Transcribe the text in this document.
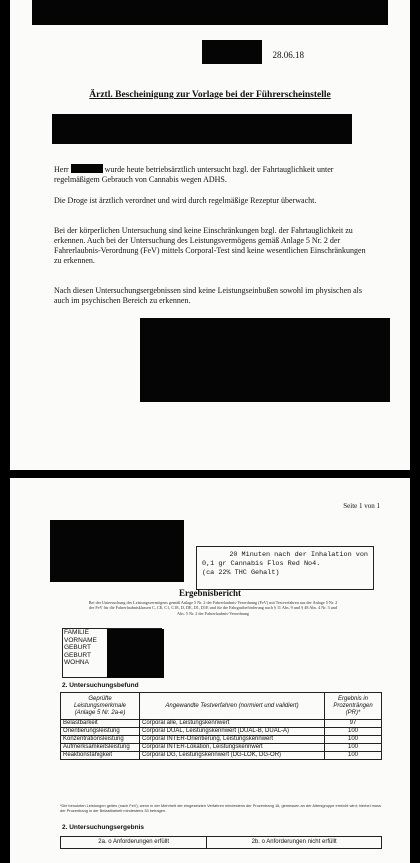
28.06.18
Ärztl. Bescheinigung zur Vorlage bei der Führerscheinstelle

Herr	wurde heute betriebsärztlich untersucht bzgl. der Fahrtauglichkeit unter regelmäßigem Gebrauch von Cannabis wegen ADHS.

Die Droge ist ärztlich verordnet und wird durch regelmäßige Rezeptur überwacht.

Bei der körperlichen Untersuchung sind keine Einschränkungen bzgl. der Fahrtauglichkeit zu erkennen. Auch bei der Untersuchung des Leistungsvermögens gemäß Anlage 5 Nr. 2 der Fahrerlaubnis-Verordnung (FeV) mittels Corporal-Test sind keine wesentlichen Einschränkungen zu erkennen.

Nach diesen Untersuchungsergebnissen sind keine Leistungseinbußen sowohl im physischen als auch im psychischen Bereich zu erkennen.

Seite 1 von 1
20 Minuten nach der Inhalation von
0,1 gr Cannabis Flos Red No4.
(ca 22% THC Gehalt)
Ergebnisbericht
Bei der Untersuchung des Leistungsvermögens gemäß Anlage 5 Nr. 2 der Fahrerlaubnis-Verordnung (FeV) mit Testverfahren aus der Anlage 5 Nr. 2 der FeV für die Fahrerlaubnisklassen C, CE, C1, C1E, D, DE, D1, D1E und für die Fahrgastbeförderung nach § 11 Abs. 9 und § 48 Abs. 4 Nr. 3 und Abs. 5 Nr. 2 der Fahrerlaubnis-Verordnung
FAMILIE
VORNAME
GEBURT
GEBURT
WOHNA
2. Untersuchungsbefund
Geprüfte Leistungsmerkmale (Anlage 5 Nr. 2a-e)	Angewandte Testverfahren (normiert und validiert)	Ergebnis in Prozenträngen (PR)*
Belastbarkeit	Corporal alle, Leistungskennwert	97
Orientierungsleistung	Corporal DUAL, Leistungskennwert (DUAL-B, DUAL-A)	100
Konzentrationsleistung	Corporal INTER-Orientierung, Leistungskennwert	100
Aufmerksamkeitsleistung	Corporal INTER-Lokation, Leistungskennwert	100
Reaktionsfähigkeit	Corporal DG, Leistungskennwert (DG-LOK, DG-OR)	100
*Die benutzten Leistungen gelten (nach FeV), wenn in der Mehrheit der eingesetzten Verfahren mindestens der Prozentrang 16, gemessen an der Altersgruppe erreicht wird; hierbei muss der Prozentrang in der Belastbarkeit mindestens 33 betragen.
2. Untersuchungsergebnis
2a. o Anforderungen erfüllt	2b. o Anforderungen nicht erfüllt
